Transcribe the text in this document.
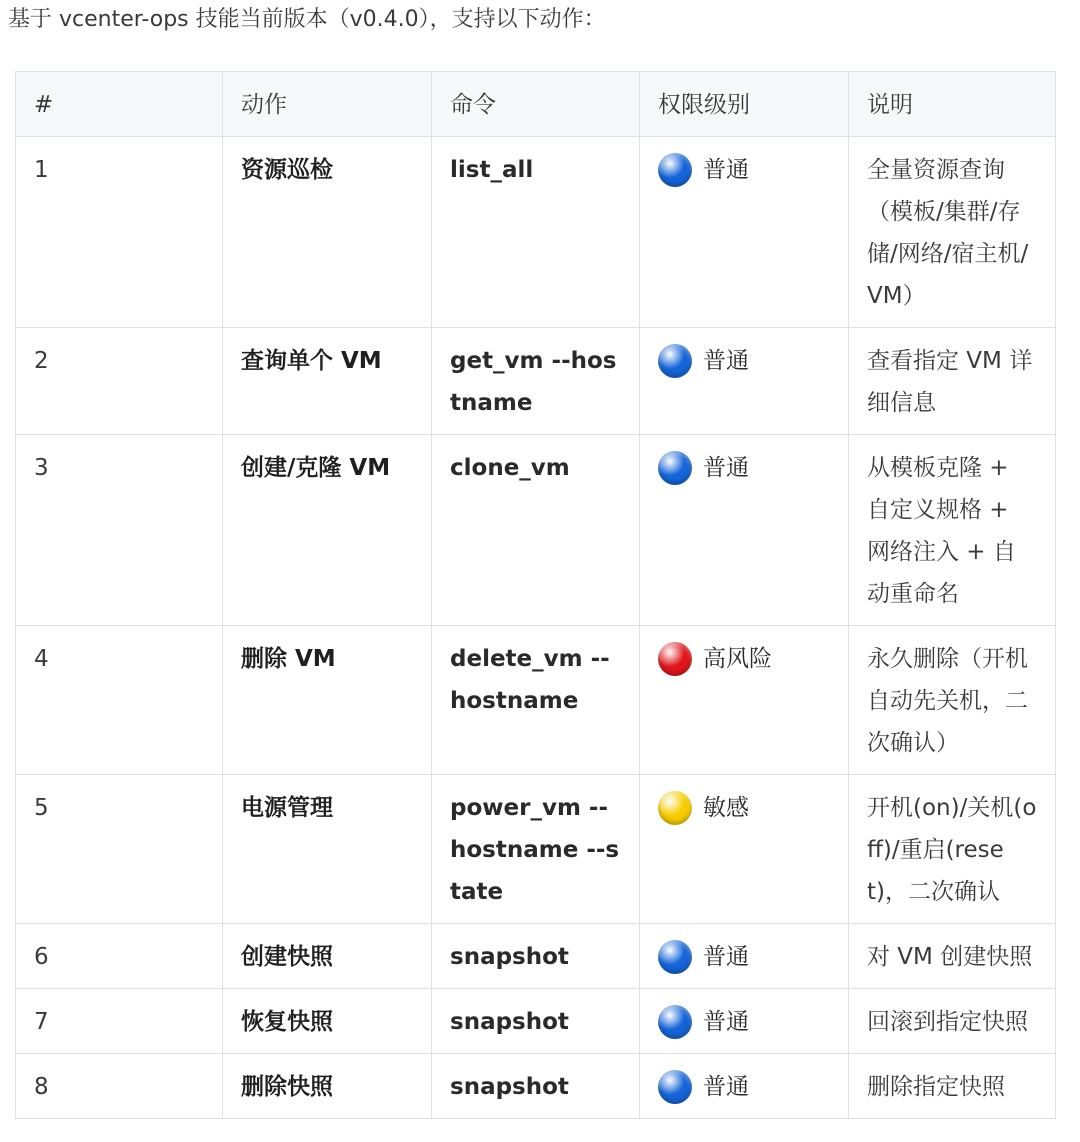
基于 vcenter-ops 技能当前版本（v0.4.0），支持以下动作：
#	动作	命令	权限级别	说明
1	资源巡检	list_all	普通	全量资源查询（模板/集群/存储/网络/宿主机/VM）
2	查询单个 VM	get_vm --hostname	普通	查看指定 VM 详细信息
3	创建/克隆 VM	clone_vm	普通	从模板克隆 + 自定义规格 + 网络注入 + 自动重命名
4	删除 VM	delete_vm --hostname	高风险	永久删除（开机自动先关机，二次确认）
5	电源管理	power_vm --hostname --state	敏感	开机(on)/关机(off)/重启(reset)，二次确认
6	创建快照	snapshot	普通	对 VM 创建快照
7	恢复快照	snapshot	普通	回滚到指定快照
8	删除快照	snapshot	普通	删除指定快照
